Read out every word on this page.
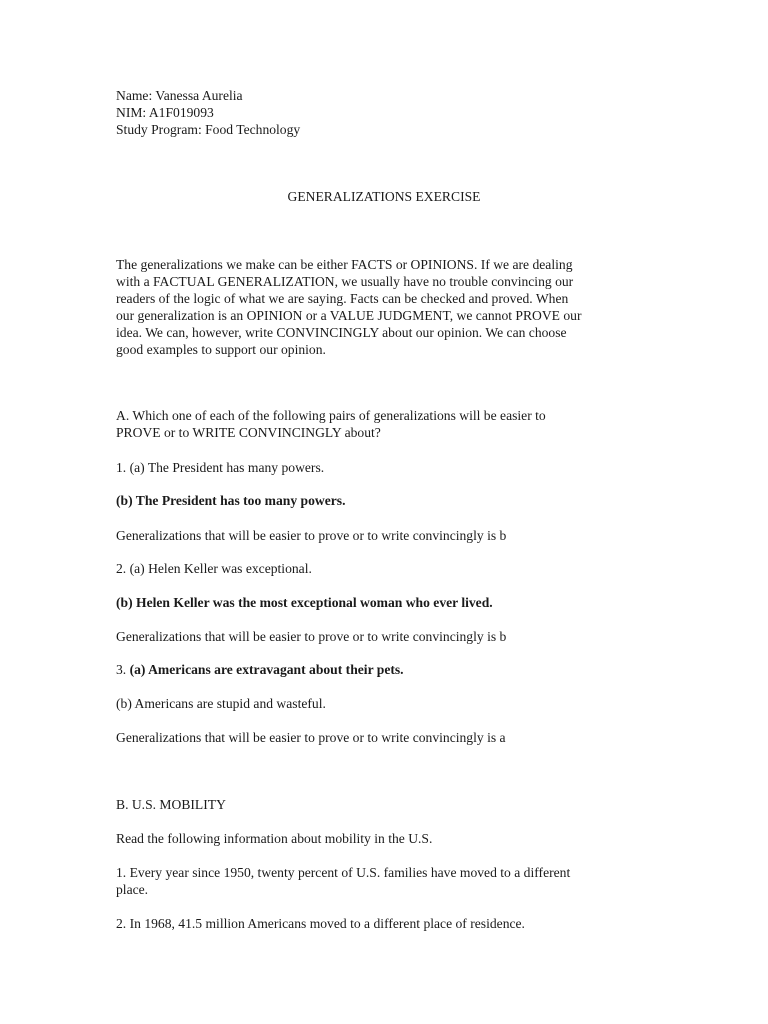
Name: Vanessa Aurelia

NIM: A1F019093

Study Program: Food Technology

GENERALIZATIONS EXERCISE

The generalizations we make can be either FACTS or OPINIONS. If we are dealing

with a FACTUAL GENERALIZATION, we usually have no trouble convincing our

readers of the logic of what we are saying. Facts can be checked and proved. When

our generalization is an OPINION or a VALUE JUDGMENT, we cannot PROVE our

idea. We can, however, write CONVINCINGLY about our opinion. We can choose

good examples to support our opinion.

A. Which one of each of the following pairs of generalizations will be easier to

PROVE or to WRITE CONVINCINGLY about?

1. (a) The President has many powers.

(b) The President has too many powers.

Generalizations that will be easier to prove or to write convincingly is b

2. (a) Helen Keller was exceptional.

(b) Helen Keller was the most exceptional woman who ever lived.

Generalizations that will be easier to prove or to write convincingly is b

3. (a) Americans are extravagant about their pets.

(b) Americans are stupid and wasteful.

Generalizations that will be easier to prove or to write convincingly is a

B. U.S. MOBILITY

Read the following information about mobility in the U.S.

1. Every year since 1950, twenty percent of U.S. families have moved to a different

place.

2. In 1968, 41.5 million Americans moved to a different place of residence.
